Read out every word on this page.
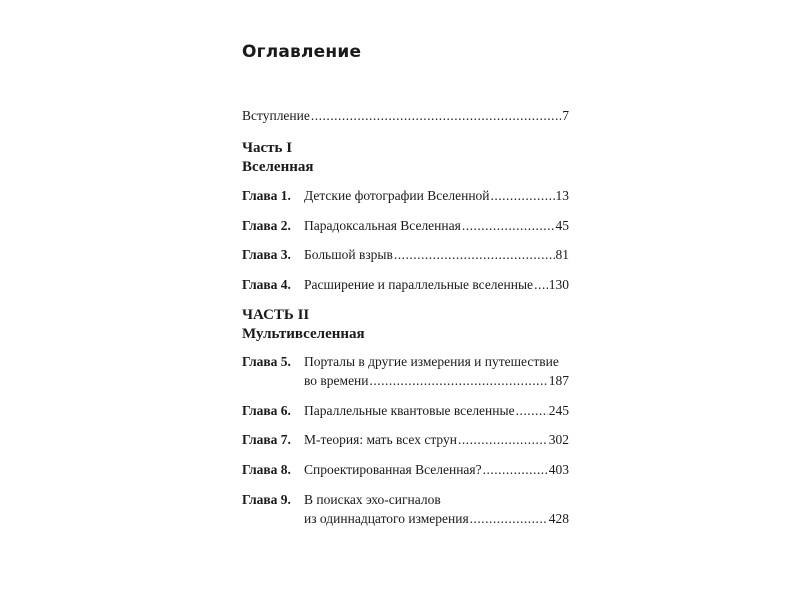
Оглавление
Вступление .....	7
Часть I
Вселенная
Глава 1. Детские фотографии Вселенной .....	13
Глава 2. Парадоксальная Вселенная .....	45
Глава 3. Большой взрыв .....	81
Глава 4. Расширение и параллельные вселенные ..... 130
ЧАСТЬ II
Мультивселенная
Глава 5. Порталы в другие измерения и путешествие
во времени .....	187
Глава 6. Параллельные квантовые вселенные .....	245
Глава 7. М-теория: мать всех струн .....	302
Глава 8. Спроектированная Вселенная? .....	403
Глава 9. В поисках эхо-сигналов
из одиннадцатого измерения .....	428
